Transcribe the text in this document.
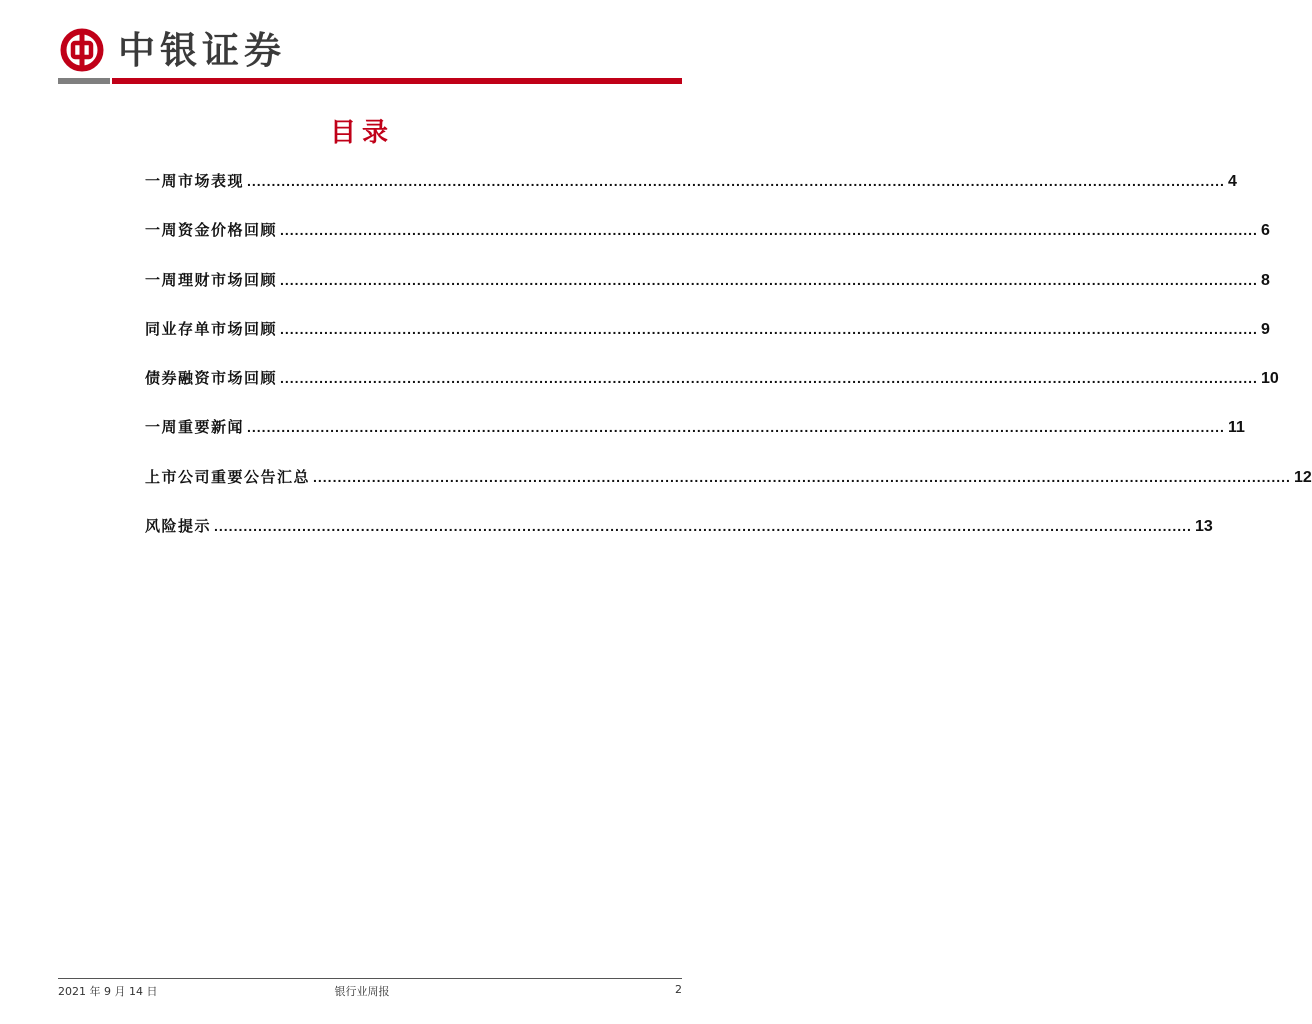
中银证券
目录
一周市场表现 ........................................................................................................................................................................................................ 4
一周资金价格回顾 ........................................................................................................................................................................................................ 6
一周理财市场回顾 ........................................................................................................................................................................................................ 8
同业存单市场回顾 ........................................................................................................................................................................................................ 9
债券融资市场回顾 ........................................................................................................................................................................................................ 10
一周重要新闻 ........................................................................................................................................................................................................ 11
上市公司重要公告汇总 ........................................................................................................................................................................................................ 12
风险提示 ........................................................................................................................................................................................................ 13
2021 年 9 月 14 日	银行业周报	2
